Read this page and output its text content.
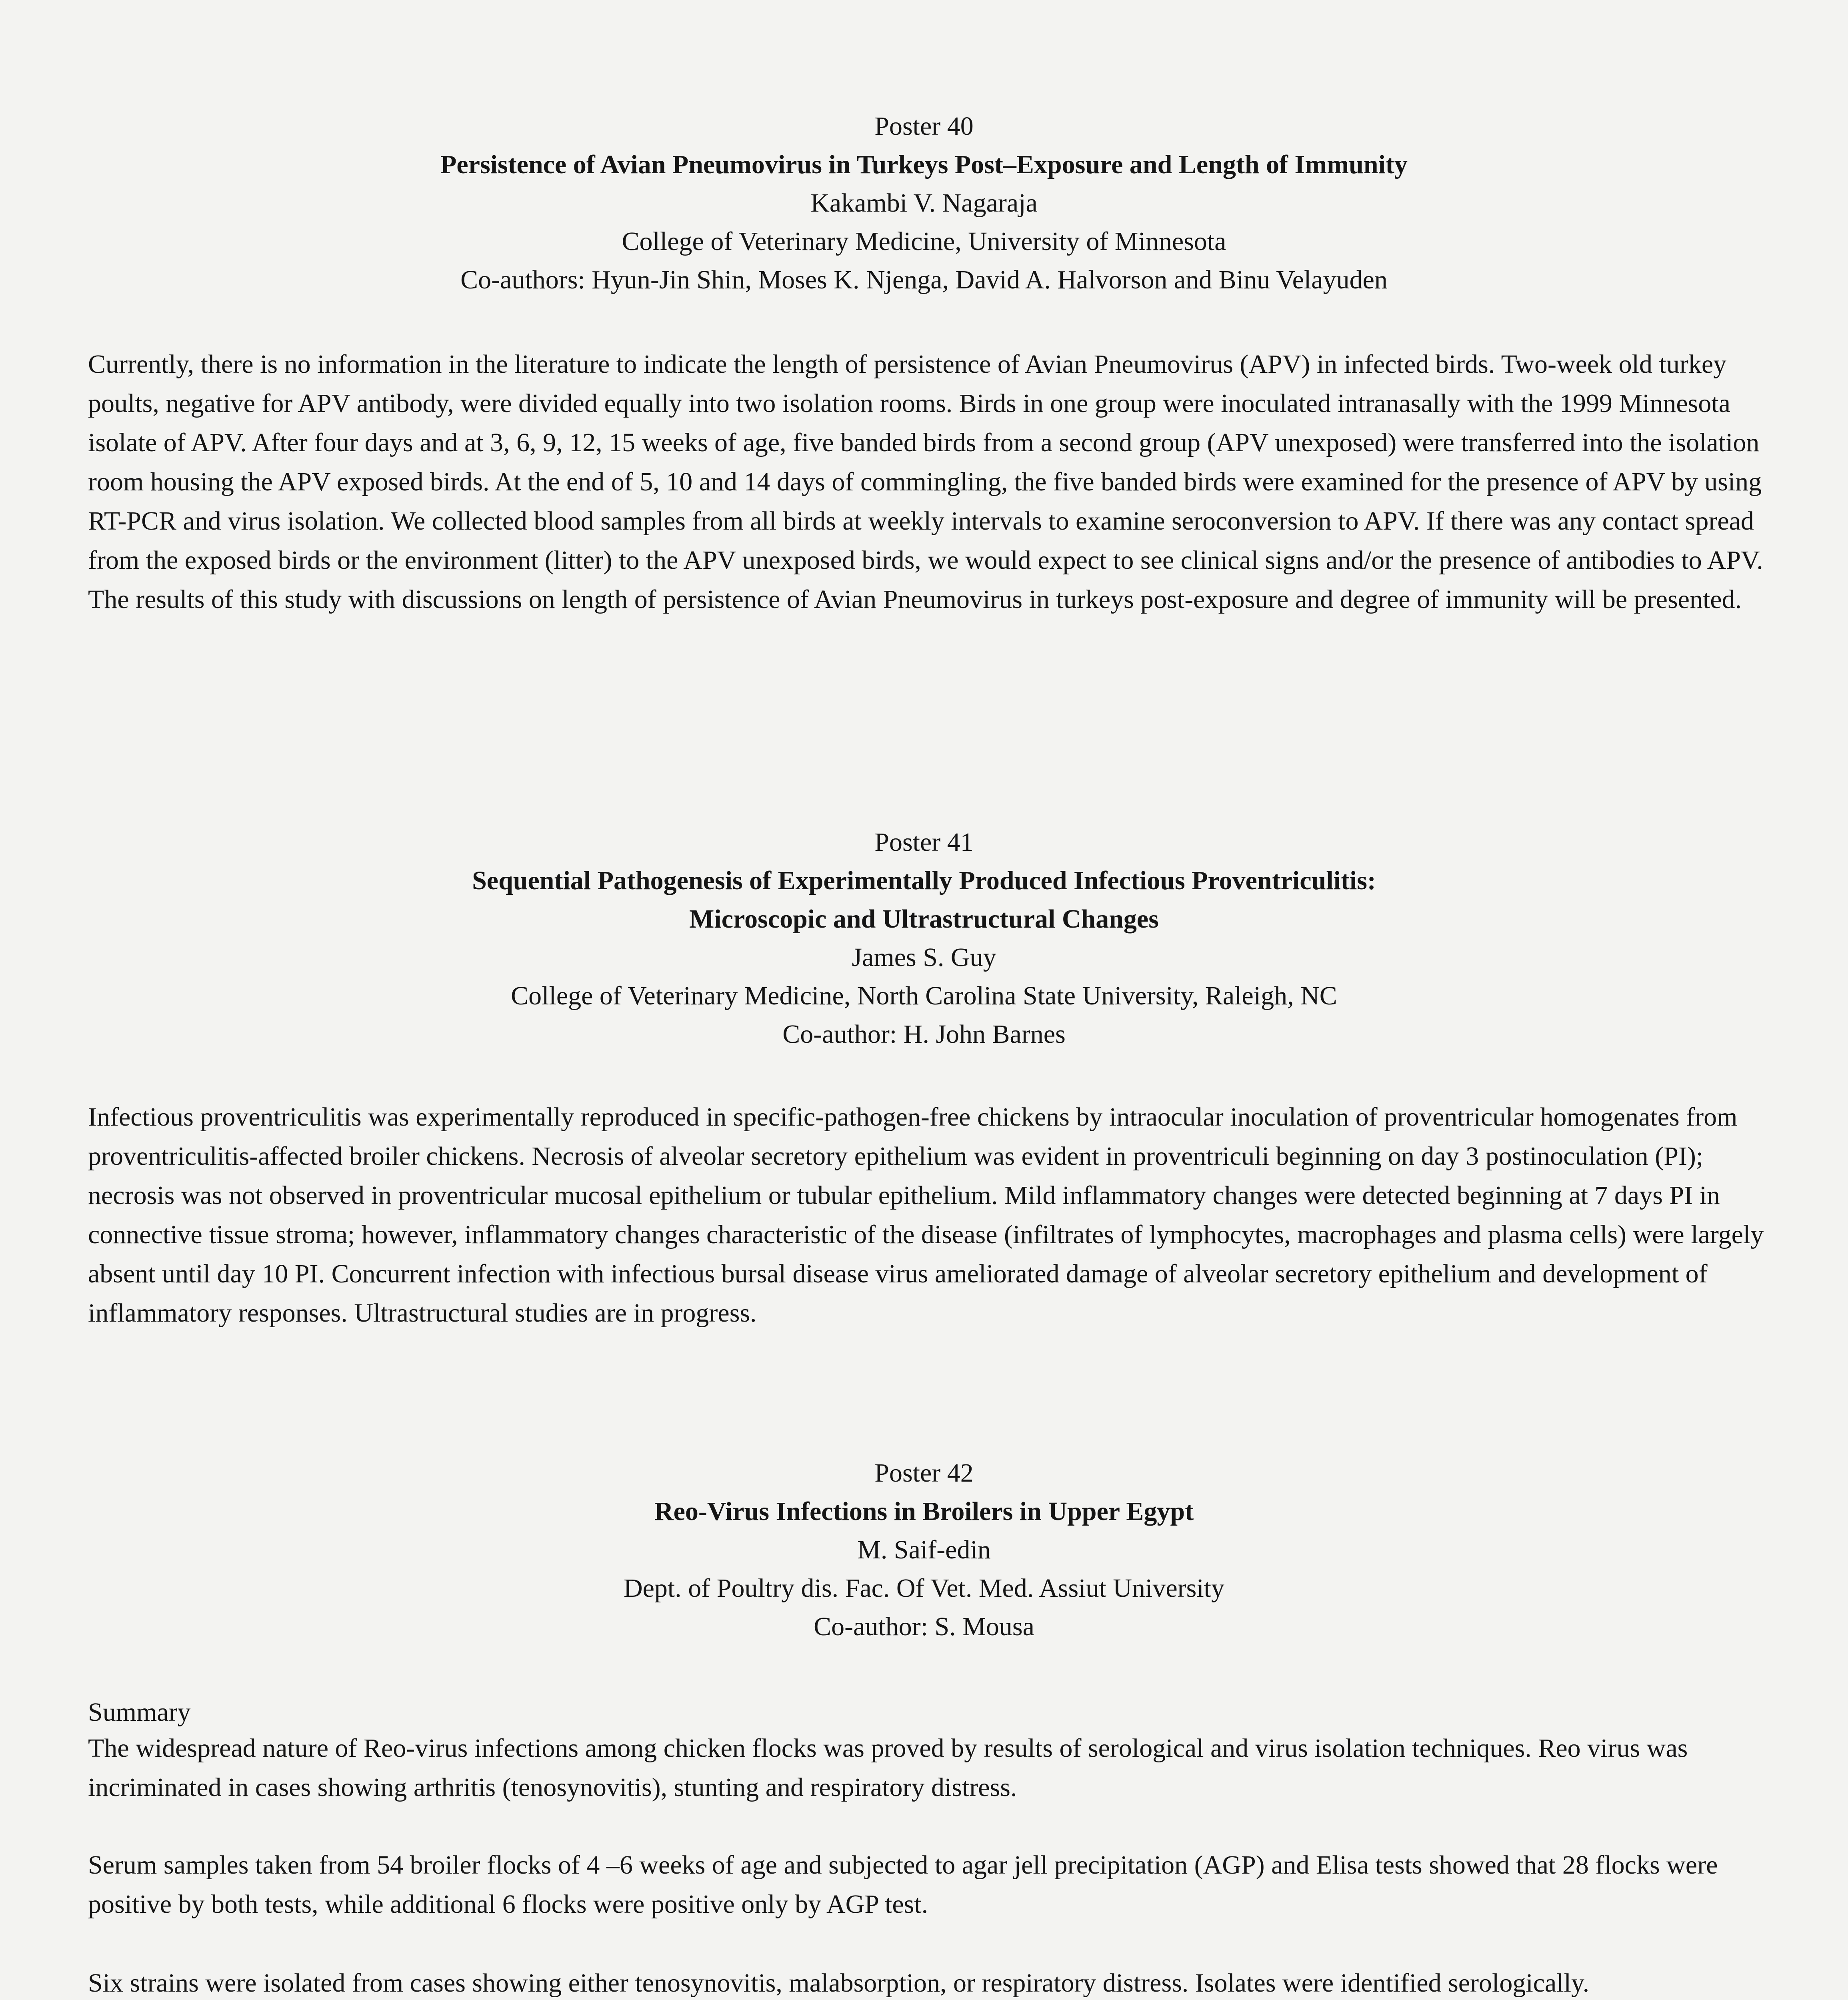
Poster 40
Persistence of Avian Pneumovirus in Turkeys Post–Exposure and Length of Immunity
Kakambi V. Nagaraja
College of Veterinary Medicine, University of Minnesota
Co-authors: Hyun-Jin Shin, Moses K. Njenga, David A. Halvorson and Binu Velayuden

Currently, there is no information in the literature to indicate the length of persistence of Avian Pneumovirus (APV) in infected birds. Two-week old turkey poults, negative for APV antibody, were divided equally into two isolation rooms. Birds in one group were inoculated intranasally with the 1999 Minnesota isolate of APV. After four days and at 3, 6, 9, 12, 15 weeks of age, five banded birds from a second group (APV unexposed) were transferred into the isolation room housing the APV exposed birds. At the end of 5, 10 and 14 days of commingling, the five banded birds were examined for the presence of APV by using RT-PCR and virus isolation. We collected blood samples from all birds at weekly intervals to examine seroconversion to APV. If there was any contact spread from the exposed birds or the environment (litter) to the APV unexposed birds, we would expect to see clinical signs and/or the presence of antibodies to APV. The results of this study with discussions on length of persistence of Avian Pneumovirus in turkeys post-exposure and degree of immunity will be presented.

Poster 41
Sequential Pathogenesis of Experimentally Produced Infectious Proventriculitis:
Microscopic and Ultrastructural Changes
James S. Guy
College of Veterinary Medicine, North Carolina State University, Raleigh, NC
Co-author: H. John Barnes

Infectious proventriculitis was experimentally reproduced in specific-pathogen-free chickens by intraocular inoculation of proventricular homogenates from proventriculitis-affected broiler chickens. Necrosis of alveolar secretory epithelium was evident in proventriculi beginning on day 3 postinoculation (PI); necrosis was not observed in proventricular mucosal epithelium or tubular epithelium. Mild inflammatory changes were detected beginning at 7 days PI in connective tissue stroma; however, inflammatory changes characteristic of the disease (infiltrates of lymphocytes, macrophages and plasma cells) were largely absent until day 10 PI. Concurrent infection with infectious bursal disease virus ameliorated damage of alveolar secretory epithelium and development of inflammatory responses. Ultrastructural studies are in progress.

Poster 42
Reo-Virus Infections in Broilers in Upper Egypt
M. Saif-edin
Dept. of Poultry dis. Fac. Of Vet. Med. Assiut University
Co-author: S. Mousa
Summary

The widespread nature of Reo-virus infections among chicken flocks was proved by results of serological and virus isolation techniques. Reo virus was incriminated in cases showing arthritis (tenosynovitis), stunting and respiratory distress.

Serum samples taken from 54 broiler flocks of 4 –6 weeks of age and subjected to agar jell precipitation (AGP) and Elisa tests showed that 28 flocks were positive by both tests, while additional 6 flocks were positive only by AGP test.

Six strains were isolated from cases showing either tenosynovitis, malabsorption, or respiratory distress. Isolates were identified serologically.
